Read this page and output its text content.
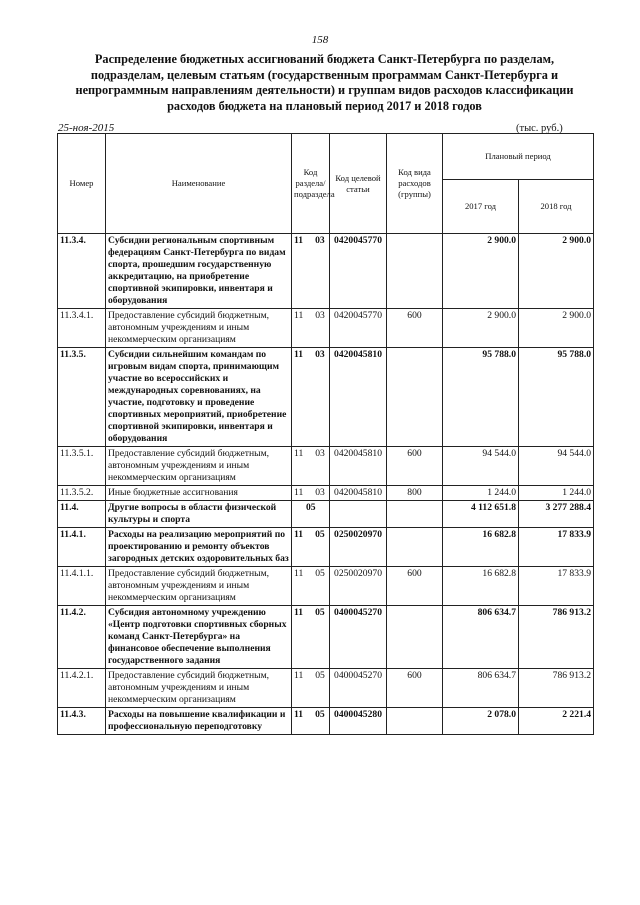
158
Распределение бюджетных ассигнований бюджета Санкт-Петербурга по разделам, подразделам, целевым статьям (государственным программам Санкт-Петербурга и непрограммным направлениям деятельности) и группам видов расходов классификации расходов бюджета на плановый период 2017 и 2018 годов
25-ноя-2015	(тыс. руб.)
Номер	Наименование	Код раздела/ подраздела	Код целевой статьи	Код вида расходов (группы)	Плановый период	
					2017 год	2018 год
11.3.4.	Субсидии региональным спортивным федерациям Санкт-Петербурга по видам спорта, прошедшим государственную аккредитацию, на приобретение спортивной экипировки, инвентаря и оборудования	11 03	0420045770		2 900.0	2 900.0
11.3.4.1.	Предоставление субсидий бюджетным, автономным учреждениям и иным некоммерческим организациям	11 03	0420045770	600	2 900.0	2 900.0
11.3.5.	Субсидии сильнейшим командам по игровым видам спорта, принимающим участие во всероссийских и международных соревнованиях, на участие, подготовку и проведение спортивных мероприятий, приобретение спортивной экипировки, инвентаря и оборудования	11 03	0420045810		95 788.0	95 788.0
11.3.5.1.	Предоставление субсидий бюджетным, автономным учреждениям и иным некоммерческим организациям	11 03	0420045810	600	94 544.0	94 544.0
11.3.5.2.	Иные бюджетные ассигнования	11 03	0420045810	800	1 244.0	1 244.0
11.4.	Другие вопросы в области физической культуры и спорта	05			4 112 651.8	3 277 288.4
11.4.1.	Расходы на реализацию мероприятий по проектированию и ремонту объектов загородных детских оздоровительных баз	11 05	0250020970		16 682.8	17 833.9
11.4.1.1.	Предоставление субсидий бюджетным, автономным учреждениям и иным некоммерческим организациям	11 05	0250020970	600	16 682.8	17 833.9
11.4.2.	Субсидия автономному учреждению «Центр подготовки спортивных сборных команд Санкт-Петербурга» на финансовое обеспечение выполнения государственного задания	11 05	0400045270		806 634.7	786 913.2
11.4.2.1.	Предоставление субсидий бюджетным, автономным учреждениям и иным некоммерческим организациям	11 05	0400045270	600	806 634.7	786 913.2
11.4.3.	Расходы на повышение квалификации и профессиональную переподготовку	11 05	0400045280		2 078.0	2 221.4
